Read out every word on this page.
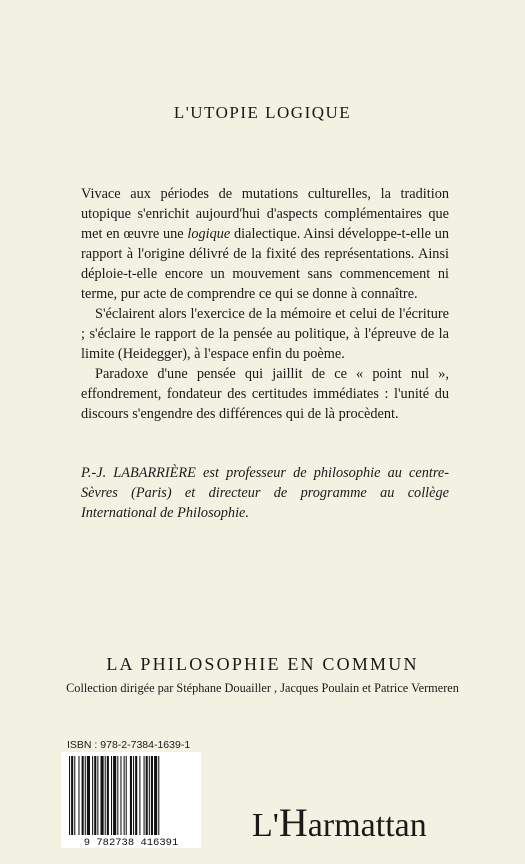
L'UTOPIE LOGIQUE

Vivace aux périodes de mutations culturelles, la tradition utopique s'enrichit aujourd'hui d'aspects complémentaires que met en œuvre une logique dialectique. Ainsi développe-t-elle un rapport à l'origine délivré de la fixité des représentations. Ainsi déploie-t-elle encore un mouvement sans commencement ni terme, pur acte de comprendre ce qui se donne à connaître.

S'éclairent alors l'exercice de la mémoire et celui de l'écriture ; s'éclaire le rapport de la pensée au politique, à l'épreuve de la limite (Heidegger), à l'espace enfin du poème.

Paradoxe d'une pensée qui jaillit de ce « point nul », effondrement, fondateur des certitudes immédiates : l'unité du discours s'engendre des différences qui de là procèdent.

P.-J. LABARRIÈRE est professeur de philosophie au centre-Sèvres (Paris) et directeur de programme au collège International de Philosophie.
LA PHILOSOPHIE EN COMMUN
Collection dirigée par Stéphane Douailler , Jacques Poulain et Patrice Vermeren
ISBN : 978-2-7384-1639-1
9 782738 416391 L'Harmattan
